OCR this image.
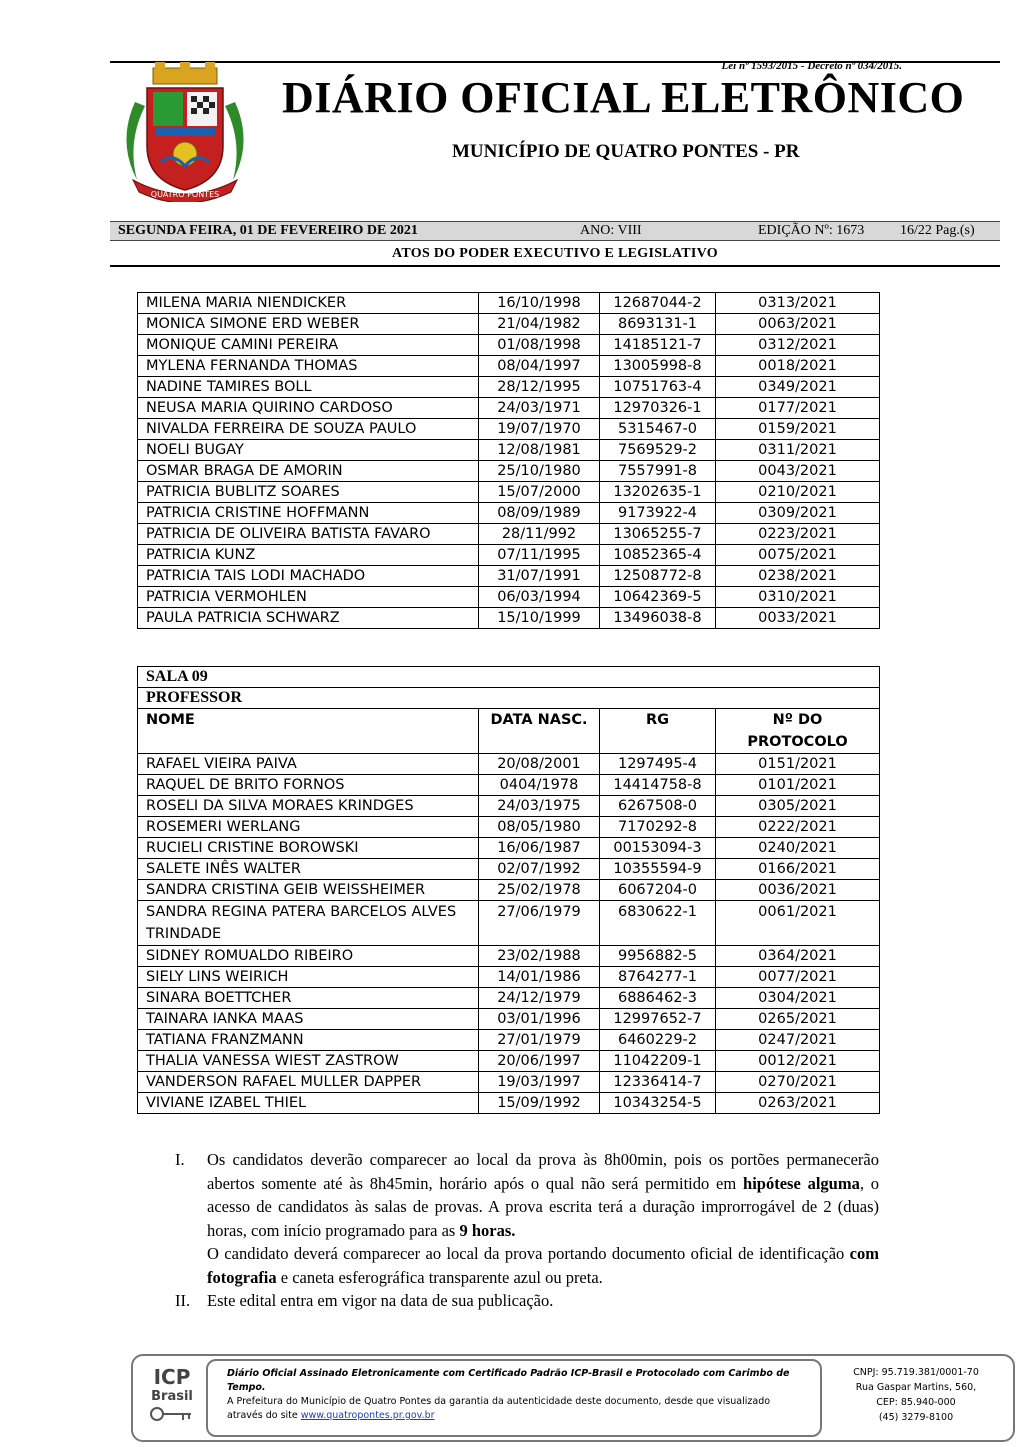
Lei nº 1593/2015 - Decreto nº 034/2015.
QUATRO PONTES
DIÁRIO OFICIAL ELETRÔNICO
MUNICÍPIO DE QUATRO PONTES - PR
SEGUNDA FEIRA, 01 DE FEVEREIRO DE 2021	ANO: VIII	EDIÇÃO Nº: 1673	16/22 Pag.(s)
ATOS DO PODER EXECUTIVO E LEGISLATIVO
MILENA MARIA NIENDICKER	16/10/1998	12687044-2	0313/2021
MONICA SIMONE ERD WEBER	21/04/1982	8693131-1	0063/2021
MONIQUE CAMINI PEREIRA	01/08/1998	14185121-7	0312/2021
MYLENA FERNANDA THOMAS	08/04/1997	13005998-8	0018/2021
NADINE TAMIRES BOLL	28/12/1995	10751763-4	0349/2021
NEUSA MARIA QUIRINO CARDOSO	24/03/1971	12970326-1	0177/2021
NIVALDA FERREIRA DE SOUZA PAULO	19/07/1970	5315467-0	0159/2021
NOELI BUGAY	12/08/1981	7569529-2	0311/2021
OSMAR BRAGA DE AMORIN	25/10/1980	7557991-8	0043/2021
PATRICIA BUBLITZ SOARES	15/07/2000	13202635-1	0210/2021
PATRICIA CRISTINE HOFFMANN	08/09/1989	9173922-4	0309/2021
PATRICIA DE OLIVEIRA BATISTA FAVARO	28/11/992	13065255-7	0223/2021
PATRICIA KUNZ	07/11/1995	10852365-4	0075/2021
PATRICIA TAIS LODI MACHADO	31/07/1991	12508772-8	0238/2021
PATRICIA VERMOHLEN	06/03/1994	10642369-5	0310/2021
PAULA PATRICIA SCHWARZ	15/10/1999	13496038-8	0033/2021
SALA 09			
PROFESSOR			
NOME	DATA NASC.	RG	Nº DO
PROTOCOLO

RAFAEL VIEIRA PAIVA	20/08/2001	1297495-4	0151/2021
RAQUEL DE BRITO FORNOS	0404/1978	14414758-8	0101/2021
ROSELI DA SILVA MORAES KRINDGES	24/03/1975	6267508-0	0305/2021
ROSEMERI WERLANG	08/05/1980	7170292-8	0222/2021
RUCIELI CRISTINE BOROWSKI	16/06/1987	00153094-3	0240/2021
SALETE INÊS WALTER	02/07/1992	10355594-9	0166/2021
SANDRA CRISTINA GEIB WEISSHEIMER	25/02/1978	6067204-0	0036/2021
SANDRA REGINA PATERA BARCELOS ALVES TRINDADE	27/06/1979	6830622-1	0061/2021
SIDNEY ROMUALDO RIBEIRO	23/02/1988	9956882-5	0364/2021
SIELY LINS WEIRICH	14/01/1986	8764277-1	0077/2021
SINARA BOETTCHER	24/12/1979	6886462-3	0304/2021
TAINARA IANKA MAAS	03/01/1996	12997652-7	0265/2021
TATIANA FRANZMANN	27/01/1979	6460229-2	0247/2021
THALIA VANESSA WIEST ZASTROW	20/06/1997	11042209-1	0012/2021
VANDERSON RAFAEL MULLER DAPPER	19/03/1997	12336414-7	0270/2021
VIVIANE IZABEL THIEL	15/09/1992	10343254-5	0263/2021
I. Os candidatos deverão comparecer ao local da prova às 8h00min, pois os portões permanecerão abertos somente até às 8h45min, horário após o qual não será permitido em hipótese alguma, o acesso de candidatos às salas de provas. A prova escrita terá a duração improrrogável de 2 (duas) horas, com início programado para as 9 horas.
O candidato deverá comparecer ao local da prova portando documento oficial de identificação com fotografia e caneta esferográfica transparente azul ou preta.
II. Este edital entra em vigor na data de sua publicação.
ICP
Brasil
Diário Oficial Assinado Eletronicamente com Certificado Padrão ICP-Brasil e Protocolado com Carimbo de Tempo.
A Prefeitura do Município de Quatro Pontes da garantia da autenticidade deste documento, desde que visualizado
através do site www.quatropontes.pr.gov.br
CNPJ: 95.719.381/0001-70
Rua Gaspar Martins, 560,
CEP: 85.940-000
(45) 3279-8100
